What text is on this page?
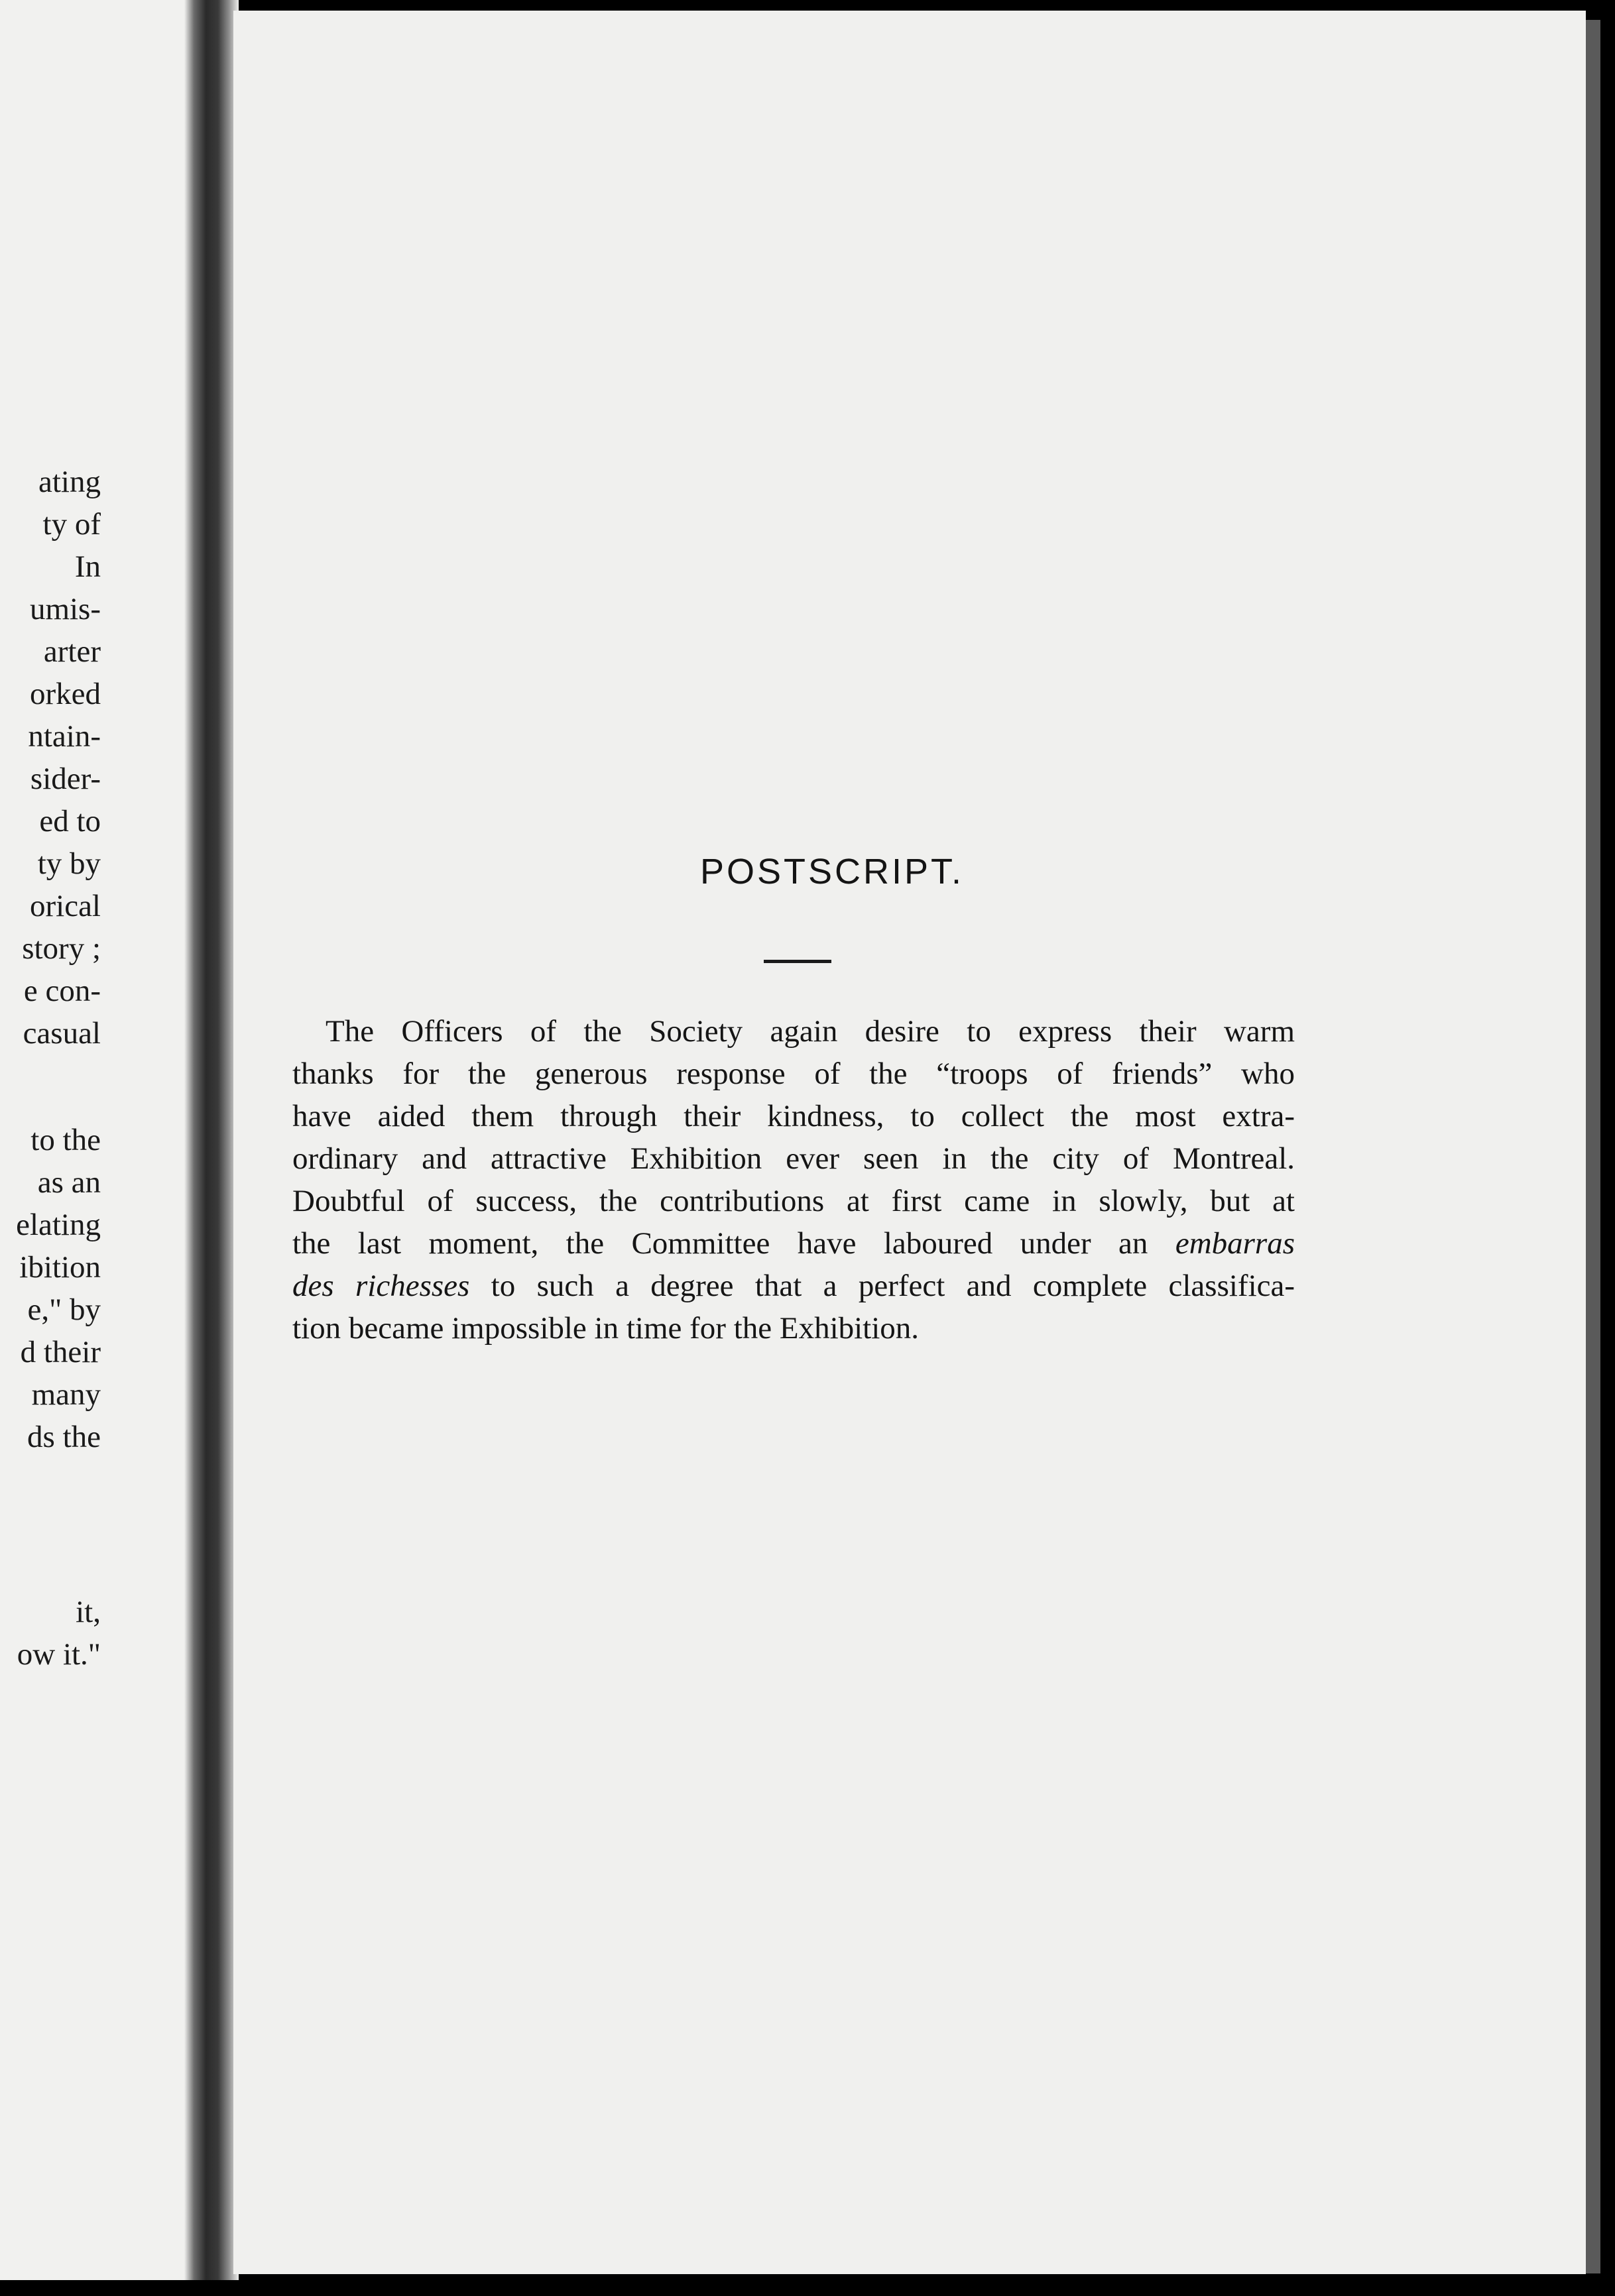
ating
ty of
In
umis-
arter
orked
ntain-
sider-
ed to
ty by
orical
story ;
e con-
casual
to the
as an
elating
ibition
e," by
d their
many
ds the
it,
ow it."
POSTSCRIPT.
The Officers of the Society again desire to express their warm
thanks for the generous response of the “troops of friends” who
have aided them through their kindness, to collect the most extra-
ordinary and attractive Exhibition ever seen in the city of Montreal.
Doubtful of success, the contributions at first came in slowly, but at
the last moment, the Committee have laboured under an embarras
des richesses to such a degree that a perfect and complete classifica-
tion became impossible in time for the Exhibition.
